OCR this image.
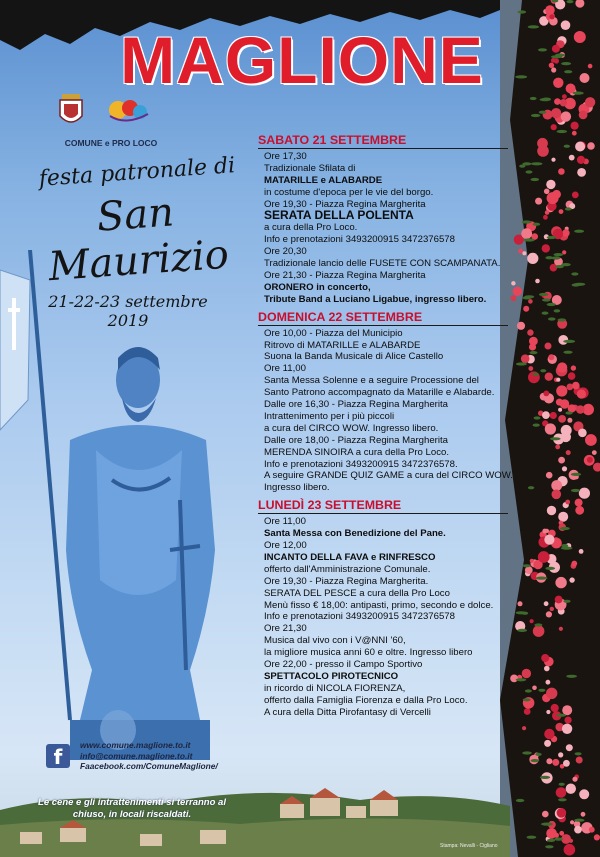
MAGLIONE
COMUNE e PRO LOCO
festa patronale di
San Maurizio
21-22-23 settembre 2019
SABATO 21 SETTEMBRE
Ore 17,30
Tradizionale Sfilata di
MATARILLE e ALABARDE
in costume d'epoca per le vie del borgo.
Ore 19,30 - Piazza Regina Margherita
SERATA DELLA POLENTA
a cura della Pro Loco.
Info e prenotazioni 3493200915 3472376578
Ore 20,30
Tradizionale lancio delle FUSETE CON SCAMPANATA.
Ore 21,30 - Piazza Regina Margherita
ORONERO in concerto,
Tribute Band a Luciano Ligabue, ingresso libero.
DOMENICA 22 SETTEMBRE
Ore 10,00 - Piazza del Municipio
Ritrovo di MATARILLE e ALABARDE
Suona la Banda Musicale di Alice Castello
Ore 11,00
Santa Messa Solenne e a seguire Processione del
Santo Patrono accompagnato da Matarille e Alabarde.
Dalle ore 16,30 - Piazza Regina Margherita
Intrattenimento per i più piccoli
a cura del CIRCO WOW. Ingresso libero.
Dalle ore 18,00 - Piazza Regina Margherita
MERENDA SINOIRA a cura della Pro Loco.
Info e prenotazioni 3493200915 3472376578.
A seguire GRANDE QUIZ GAME a cura del CIRCO WOW.
Ingresso libero.
LUNEDÌ 23 SETTEMBRE
Ore 11,00
Santa Messa con Benedizione del Pane.
Ore 12,00
INCANTO DELLA FAVA e RINFRESCO
offerto dall'Amministrazione Comunale.
Ore 19,30 - Piazza Regina Margherita.
SERATA DEL PESCE a cura della Pro Loco
Menù fisso € 18,00: antipasti, primo, secondo e dolce.
Info e prenotazioni 3493200915 3472376578
Ore 21,30
Musica dal vivo con i V@NNI '60,
la migliore musica anni 60 e oltre. Ingresso libero
Ore 22,00 - presso il Campo Sportivo
SPETTACOLO PIROTECNICO
in ricordo di NICOLA FIORENZA,
offerto dalla Famiglia Fiorenza e dalla Pro Loco.
A cura della Ditta Pirofantasy di Vercelli
f	www.comune.maglione.to.it
info@comune.maglione.to.it
Faacebook.com/ComuneMaglione/
Le cene e gli intrattenimenti si terranno al chiuso, in locali riscaldati.
Stampa: Nevalli - Cigliano
